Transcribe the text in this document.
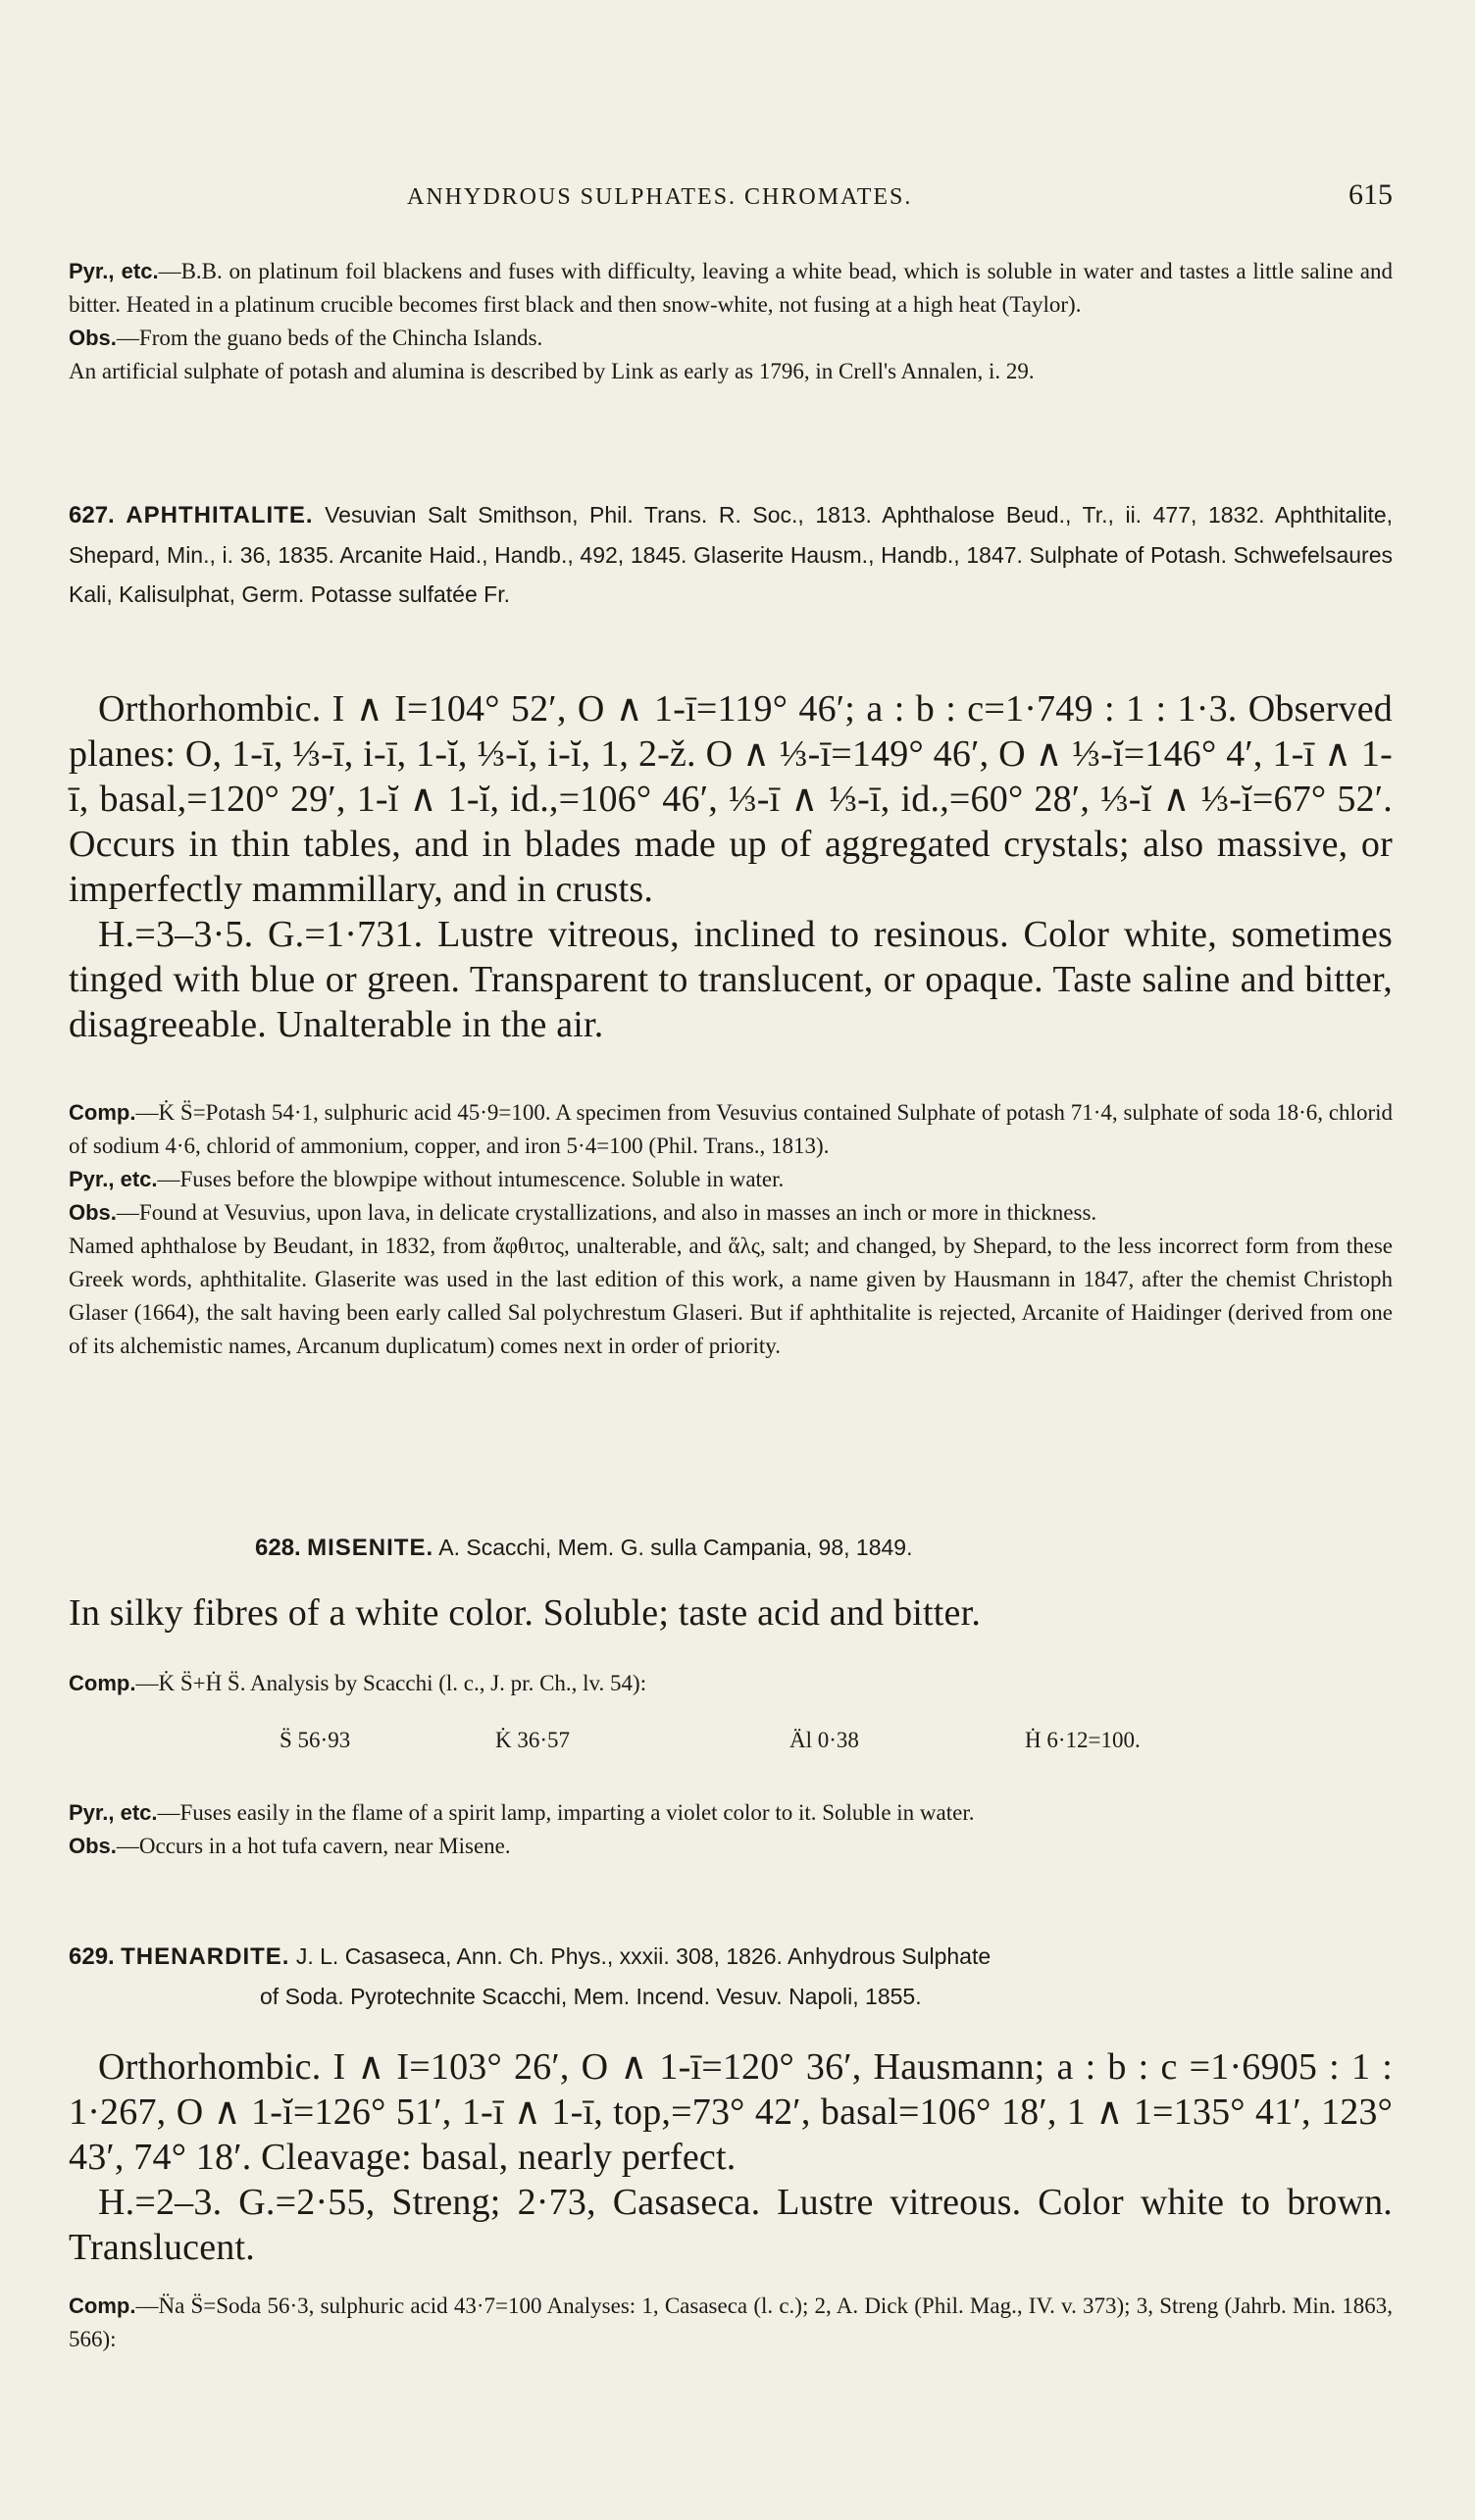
ANHYDROUS SULPHATES. CHROMATES.	615

Pyr., etc.—B.B. on platinum foil blackens and fuses with difficulty, leaving a white bead, which is soluble in water and tastes a little saline and bitter. Heated in a platinum crucible becomes first black and then snow-white, not fusing at a high heat (Taylor).

Obs.—From the guano beds of the Chincha Islands.

An artificial sulphate of potash and alumina is described by Link as early as 1796, in Crell's Annalen, i. 29.

627. APHTHITALITE. Vesuvian Salt Smithson, Phil. Trans. R. Soc., 1813. Aphthalose Beud., Tr., ii. 477, 1832. Aphthitalite, Shepard, Min., i. 36, 1835. Arcanite Haid., Handb., 492, 1845. Glaserite Hausm., Handb., 1847. Sulphate of Potash. Schwefelsaures Kali, Kalisulphat, Germ. Potasse sulfatée Fr.

Orthorhombic. I ∧ I=104° 52′, O ∧ 1-ī=119° 46′; a : b : c=1·749 : 1 : 1·3. Observed planes: O, 1-ī, ⅓-ī, i-ī, 1-ĭ, ⅓-ĭ, i-ĭ, 1, 2-ž. O ∧ ⅓-ī=149° 46′, O ∧ ⅓-ĭ=146° 4′, 1-ī ∧ 1-ī, basal,=120° 29′, 1-ĭ ∧ 1-ĭ, id.,=106° 46′, ⅓-ī ∧ ⅓-ī, id.,=60° 28′, ⅓-ĭ ∧ ⅓-ĭ=67° 52′. Occurs in thin tables, and in blades made up of aggregated crystals; also massive, or imperfectly mammillary, and in crusts.

H.=3–3·5. G.=1·731. Lustre vitreous, inclined to resinous. Color white, sometimes tinged with blue or green. Transparent to translucent, or opaque. Taste saline and bitter, disagreeable. Unalterable in the air.

Comp.—K̇ S̈=Potash 54·1, sulphuric acid 45·9=100. A specimen from Vesuvius contained Sulphate of potash 71·4, sulphate of soda 18·6, chlorid of sodium 4·6, chlorid of ammonium, copper, and iron 5·4=100 (Phil. Trans., 1813).

Pyr., etc.—Fuses before the blowpipe without intumescence. Soluble in water.

Obs.—Found at Vesuvius, upon lava, in delicate crystallizations, and also in masses an inch or more in thickness.

Named aphthalose by Beudant, in 1832, from ἄφθιτος, unalterable, and ἅλς, salt; and changed, by Shepard, to the less incorrect form from these Greek words, aphthitalite. Glaserite was used in the last edition of this work, a name given by Hausmann in 1847, after the chemist Christoph Glaser (1664), the salt having been early called Sal polychrestum Glaseri. But if aphthitalite is rejected, Arcanite of Haidinger (derived from one of its alchemistic names, Arcanum duplicatum) comes next in order of priority.

628. MISENITE. A. Scacchi, Mem. G. sulla Campania, 98, 1849.

In silky fibres of a white color. Soluble; taste acid and bitter.

Comp.—K̇ S̈+Ḣ S̈. Analysis by Scacchi (l. c., J. pr. Ch., lv. 54):

S̈ 56·93	K̇ 36·57	Äl 0·38	Ḣ 6·12=100.

Pyr., etc.—Fuses easily in the flame of a spirit lamp, imparting a violet color to it. Soluble in water.

Obs.—Occurs in a hot tufa cavern, near Misene.

629. THENARDITE. J. L. Casaseca, Ann. Ch. Phys., xxxii. 308, 1826. Anhydrous Sulphate

of Soda. Pyrotechnite Scacchi, Mem. Incend. Vesuv. Napoli, 1855.

Orthorhombic. I ∧ I=103° 26′, O ∧ 1-ī=120° 36′, Hausmann; a : b : c =1·6905 : 1 : 1·267, O ∧ 1-ĭ=126° 51′, 1-ī ∧ 1-ī, top,=73° 42′, basal=106° 18′, 1 ∧ 1=135° 41′, 123° 43′, 74° 18′. Cleavage: basal, nearly perfect.

H.=2–3. G.=2·55, Streng; 2·73, Casaseca. Lustre vitreous. Color white to brown. Translucent.

Comp.—N̈a S̈=Soda 56·3, sulphuric acid 43·7=100 Analyses: 1, Casaseca (l. c.); 2, A. Dick (Phil. Mag., IV. v. 373); 3, Streng (Jahrb. Min. 1863, 566):
